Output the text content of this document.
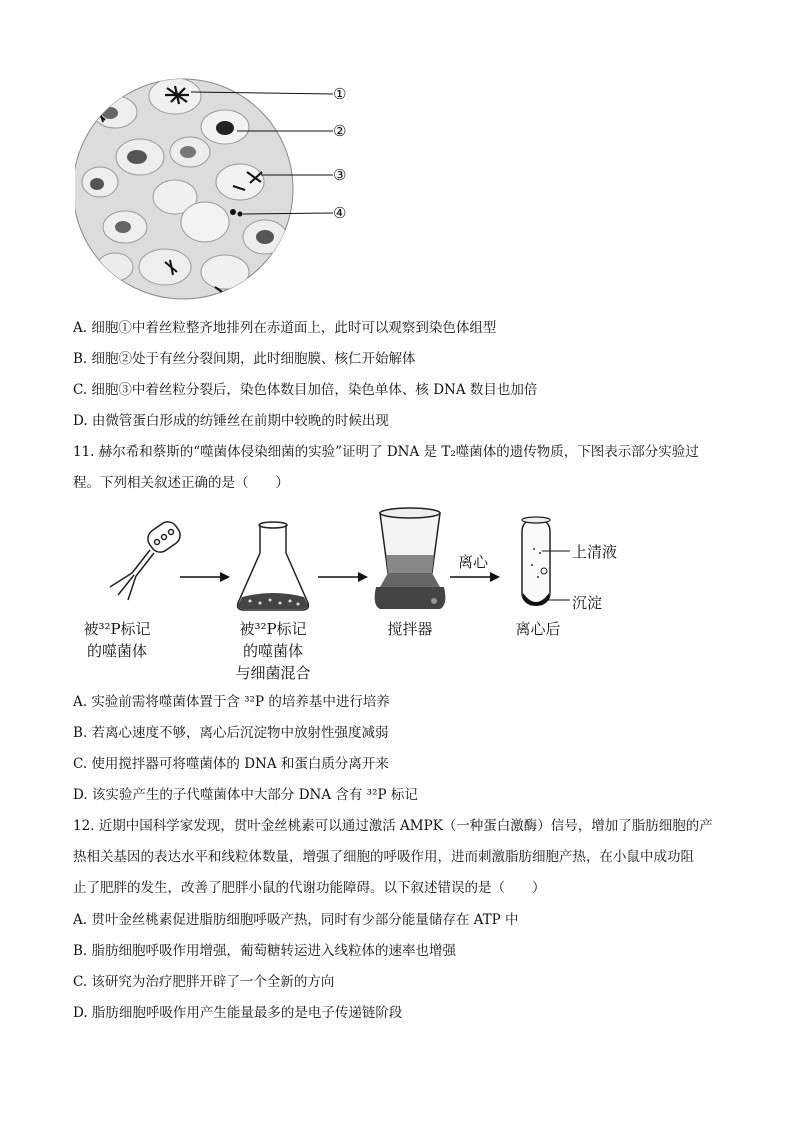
①
②
③
④
A. 细胞①中着丝粒整齐地排列在赤道面上，此时可以观察到染色体组型
B. 细胞②处于有丝分裂间期，此时细胞膜、核仁开始解体
C. 细胞③中着丝粒分裂后，染色体数目加倍，染色单体、核 DNA 数目也加倍
D. 由微管蛋白形成的纺锤丝在前期中较晚的时候出现
11. 赫尔希和蔡斯的“噬菌体侵染细菌的实验”证明了 DNA 是 T₂噬菌体的遗传物质，下图表示部分实验过
程。下列相关叙述正确的是（　　）
离心
上清液
沉淀
被³²P标记
的噬菌体
被³²P标记
的噬菌体
与细菌混合
搅拌器	离心后
A. 实验前需将噬菌体置于含 ³²P 的培养基中进行培养
B. 若离心速度不够，离心后沉淀物中放射性强度减弱
C. 使用搅拌器可将噬菌体的 DNA 和蛋白质分离开来
D. 该实验产生的子代噬菌体中大部分 DNA 含有 ³²P 标记
12. 近期中国科学家发现，贯叶金丝桃素可以通过激活 AMPK（一种蛋白激酶）信号，增加了脂肪细胞的产
热相关基因的表达水平和线粒体数量，增强了细胞的呼吸作用，进而刺激脂肪细胞产热，在小鼠中成功阻
止了肥胖的发生，改善了肥胖小鼠的代谢功能障碍。以下叙述错误的是（　　）
A. 贯叶金丝桃素促进脂肪细胞呼吸产热，同时有少部分能量储存在 ATP 中
B. 脂肪细胞呼吸作用增强，葡萄糖转运进入线粒体的速率也增强
C. 该研究为治疗肥胖开辟了一个全新的方向
D. 脂肪细胞呼吸作用产生能量最多的是电子传递链阶段
